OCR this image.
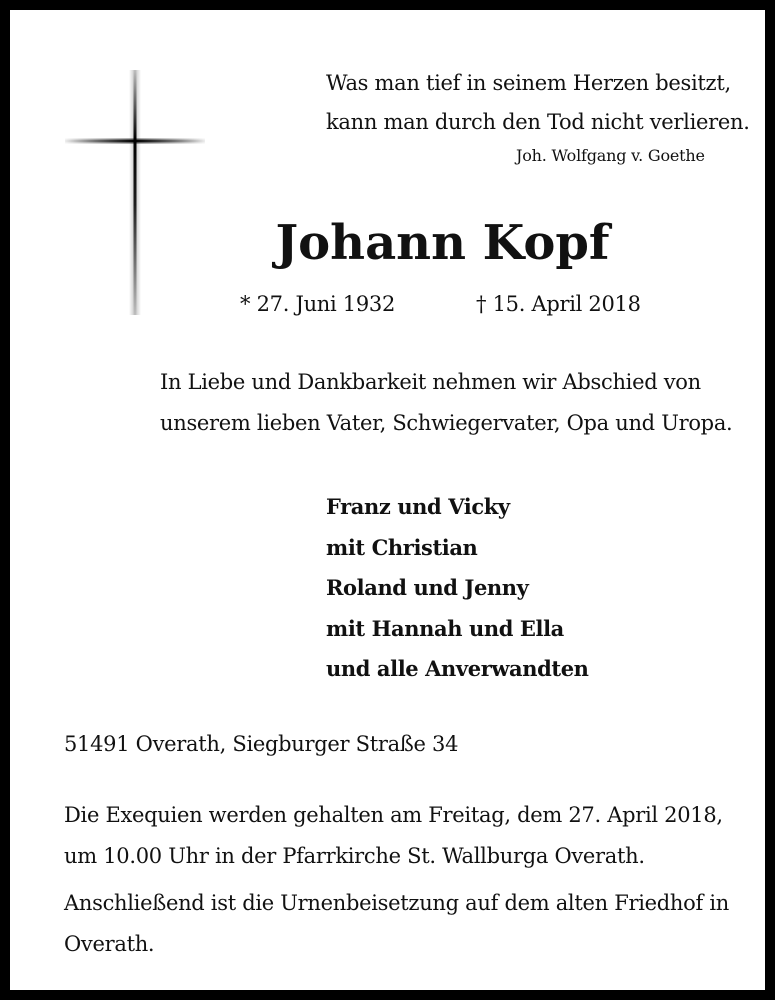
Was man tief in seinem Herzen besitzt,
kann man durch den Tod nicht verlieren.
Joh. Wolfgang v. Goethe
Johann Kopf
* 27. Juni 1932	† 15. April 2018
In Liebe und Dankbarkeit nehmen wir Abschied von
unserem lieben Vater, Schwiegervater, Opa und Uropa.
Franz und Vicky
mit Christian
Roland und Jenny
mit Hannah und Ella
und alle Anverwandten
51491 Overath, Siegburger Straße 34
Die Exequien werden gehalten am Freitag, dem 27. April 2018,
um 10.00 Uhr in der Pfarrkirche St. Wallburga Overath.
Anschließend ist die Urnenbeisetzung auf dem alten Friedhof in
Overath.
